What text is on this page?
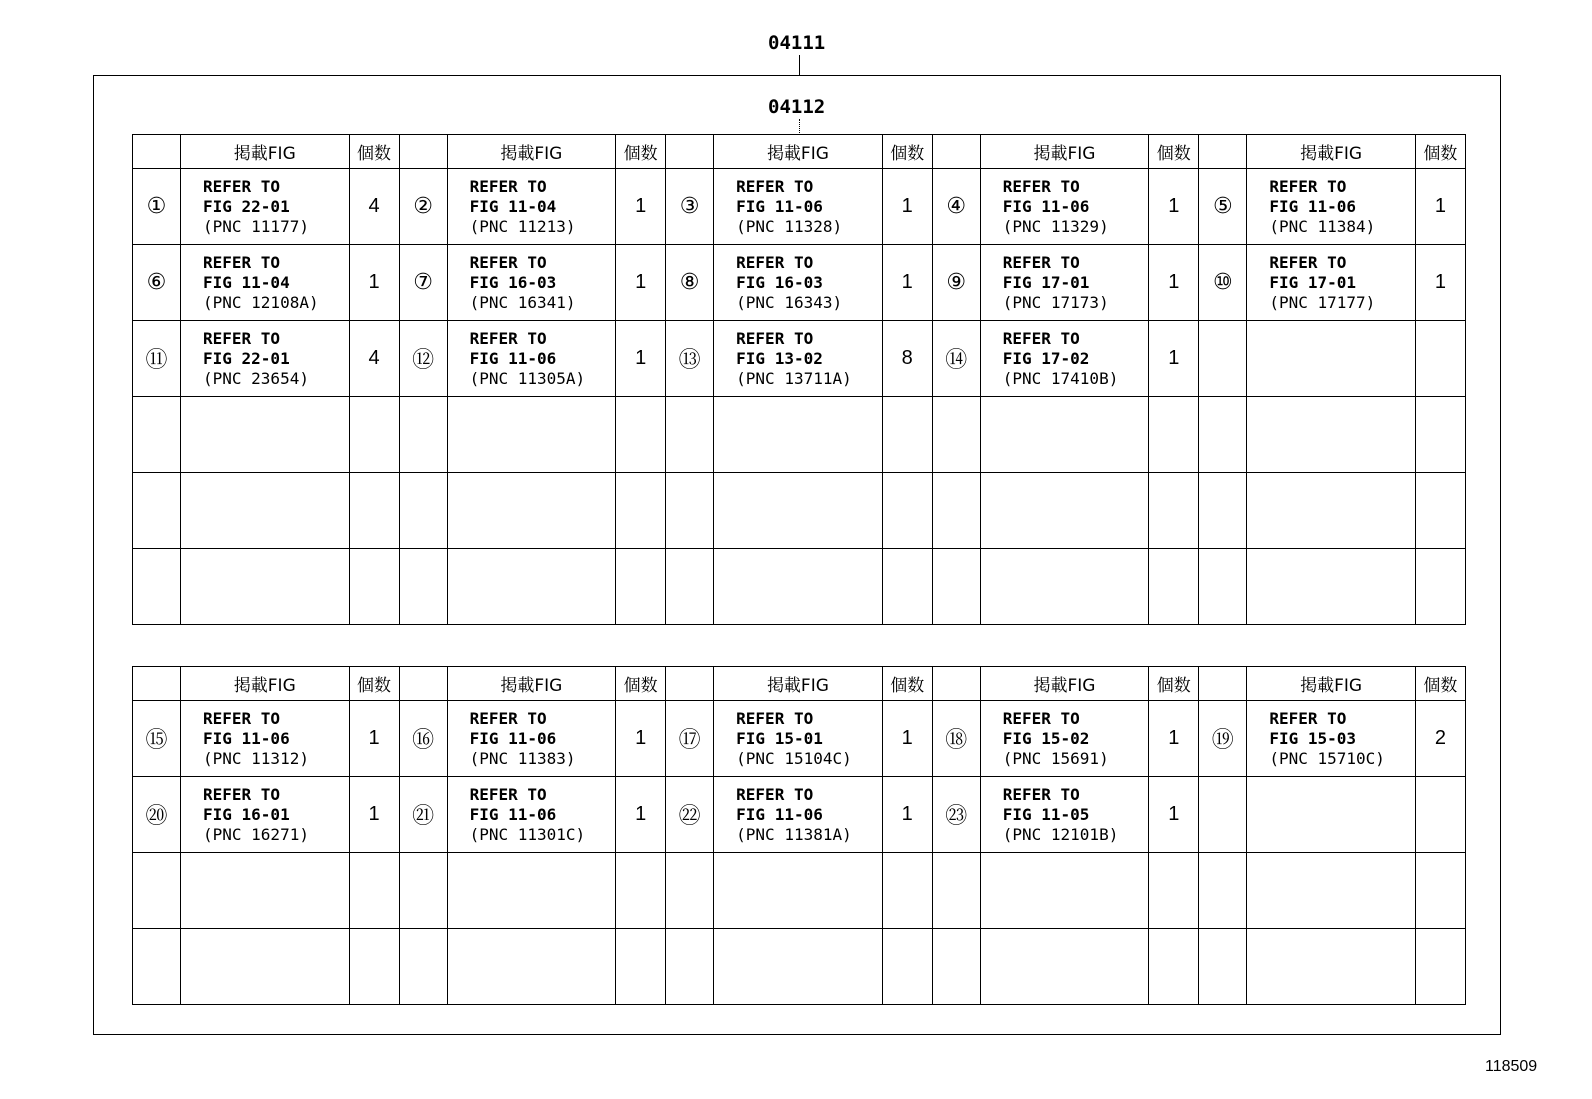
04111
04112
	掲載FIG	個数		掲載FIG	個数		掲載FIG	個数		掲載FIG	個数		掲載FIG	個数
①	REFER TO
FIG 22-01
(PNC 11177)	4	②	REFER TO
FIG 11-04
(PNC 11213)	1	③	REFER TO
FIG 11-06
(PNC 11328)	1	④	REFER TO
FIG 11-06
(PNC 11329)	1	⑤	REFER TO
FIG 11-06
(PNC 11384)	1
⑥	REFER TO
FIG 11-04
(PNC 12108A)	1	⑦	REFER TO
FIG 16-03
(PNC 16341)	1	⑧	REFER TO
FIG 16-03
(PNC 16343)	1	⑨	REFER TO
FIG 17-01
(PNC 17173)	1	⑩	REFER TO
FIG 17-01
(PNC 17177)	1
⑪	REFER TO
FIG 22-01
(PNC 23654)	4	⑫	REFER TO
FIG 11-06
(PNC 11305A)	1	⑬	REFER TO
FIG 13-02
(PNC 13711A)	8	⑭	REFER TO
FIG 17-02
(PNC 17410B)	1		

	掲載FIG	個数		掲載FIG	個数		掲載FIG	個数		掲載FIG	個数		掲載FIG	個数
⑮	REFER TO
FIG 11-06
(PNC 11312)	1	⑯	REFER TO
FIG 11-06
(PNC 11383)	1	⑰	REFER TO
FIG 15-01
(PNC 15104C)	1	⑱	REFER TO
FIG 15-02
(PNC 15691)	1	⑲	REFER TO
FIG 15-03
(PNC 15710C)	2
⑳	REFER TO
FIG 16-01
(PNC 16271)	1	㉑	REFER TO
FIG 11-06
(PNC 11301C)	1	㉒	REFER TO
FIG 11-06
(PNC 11381A)	1	㉓	REFER TO
FIG 11-05
(PNC 12101B)	1		

118509
